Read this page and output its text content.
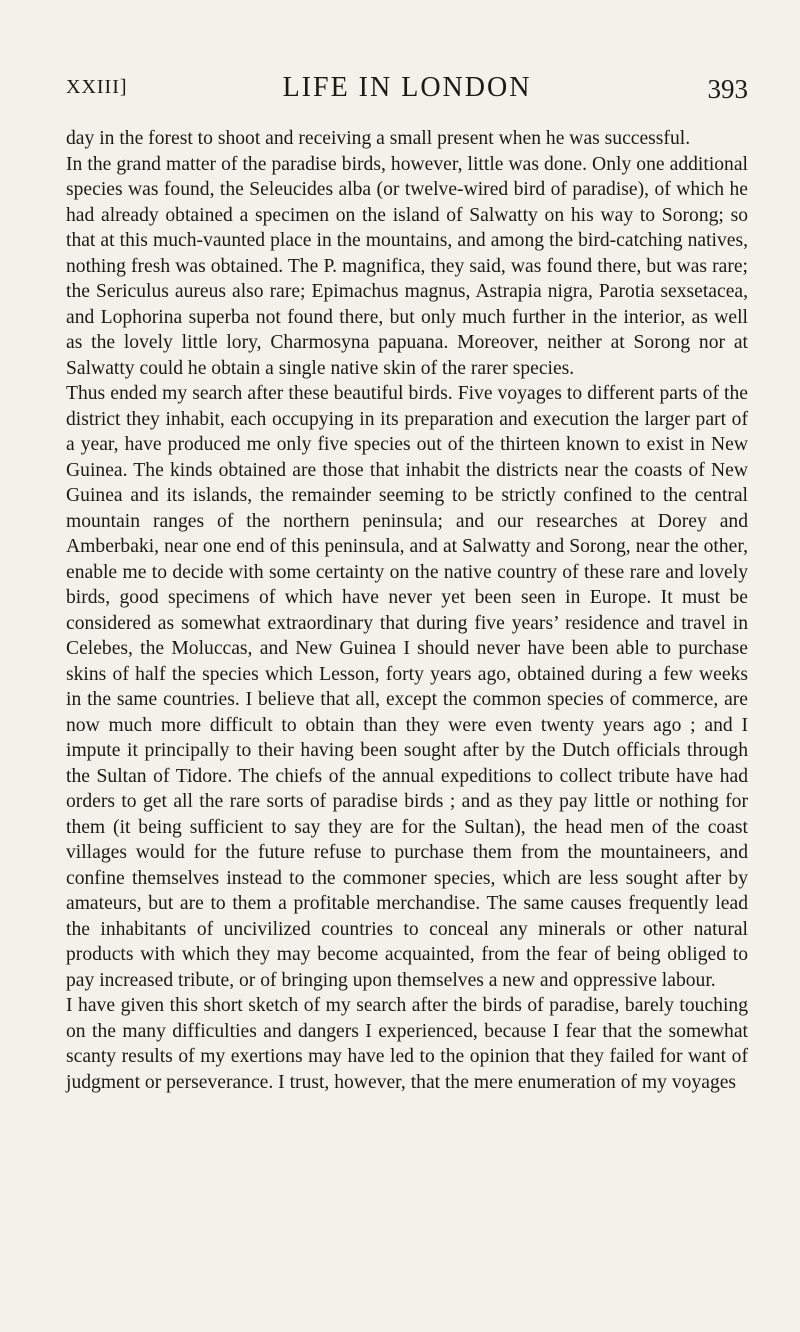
XXIII]	LIFE IN LONDON	393

day in the forest to shoot and receiving a small present when he was successful.

In the grand matter of the paradise birds, however, little was done. Only one additional species was found, the Seleucides alba (or twelve-wired bird of paradise), of which he had already obtained a specimen on the island of Salwatty on his way to Sorong; so that at this much-vaunted place in the mountains, and among the bird-catching natives, nothing fresh was obtained. The P. magnifica, they said, was found there, but was rare; the Sericulus aureus also rare; Epimachus magnus, Astrapia nigra, Parotia sexsetacea, and Lophorina superba not found there, but only much further in the interior, as well as the lovely little lory, Charmosyna papuana. Moreover, neither at Sorong nor at Salwatty could he obtain a single native skin of the rarer species.

Thus ended my search after these beautiful birds. Five voyages to different parts of the district they inhabit, each occupying in its preparation and execution the larger part of a year, have produced me only five species out of the thirteen known to exist in New Guinea. The kinds obtained are those that inhabit the districts near the coasts of New Guinea and its islands, the remainder seeming to be strictly confined to the central mountain ranges of the northern peninsula; and our researches at Dorey and Amberbaki, near one end of this peninsula, and at Salwatty and Sorong, near the other, enable me to decide with some certainty on the native country of these rare and lovely birds, good specimens of which have never yet been seen in Europe. It must be considered as somewhat extraordinary that during five years’ residence and travel in Celebes, the Moluccas, and New Guinea I should never have been able to purchase skins of half the species which Lesson, forty years ago, obtained during a few weeks in the same countries. I believe that all, except the common species of commerce, are now much more difficult to obtain than they were even twenty years ago ; and I impute it principally to their having been sought after by the Dutch officials through the Sultan of Tidore. The chiefs of the annual expeditions to collect tribute have had orders to get all the rare sorts of paradise birds ; and as they pay little or nothing for them (it being sufficient to say they are for the Sultan), the head men of the coast villages would for the future refuse to purchase them from the mountaineers, and confine themselves instead to the commoner species, which are less sought after by amateurs, but are to them a profitable merchandise. The same causes frequently lead the inhabitants of uncivilized countries to conceal any minerals or other natural products with which they may become acquainted, from the fear of being obliged to pay increased tribute, or of bringing upon themselves a new and oppressive labour.

I have given this short sketch of my search after the birds of paradise, barely touching on the many difficulties and dangers I experienced, because I fear that the somewhat scanty results of my exertions may have led to the opinion that they failed for want of judgment or perseverance. I trust, however, that the mere enumeration of my voyages
